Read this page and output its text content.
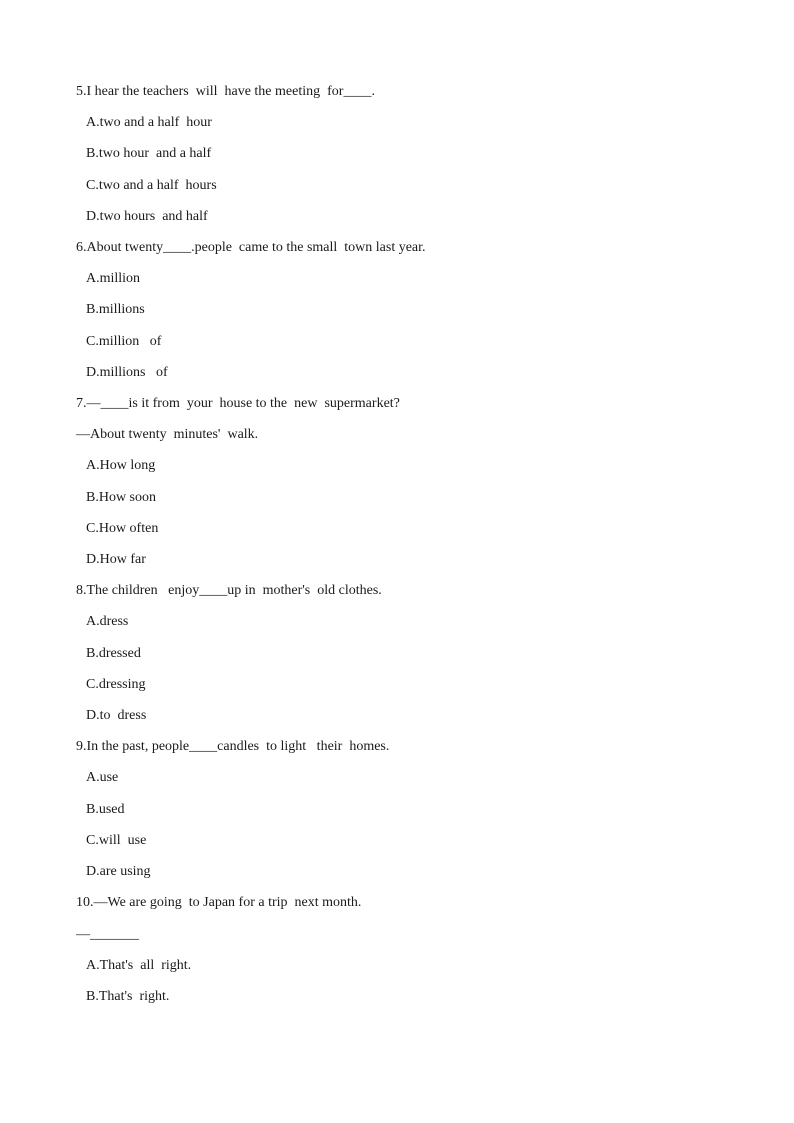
5.I hear the teachers  will  have the meeting  for____.
A.two and a half  hour
B.two hour  and a half
C.two and a half  hours
D.two hours  and half
6.About twenty____.people  came to the small  town last year.
A.million
B.millions
C.million   of
D.millions   of
7.—____is it from  your  house to the  new  supermarket?
—About twenty  minutes'  walk.
A.How long
B.How soon
C.How often
D.How far
8.The children   enjoy____up in  mother's  old clothes.
A.dress
B.dressed
C.dressing
D.to  dress
9.In the past, people____candles  to light   their  homes.
A.use
B.used
C.will  use
D.are using
10.—We are going  to Japan for a trip  next month.
—_______
A.That's  all  right.
B.That's  right.
